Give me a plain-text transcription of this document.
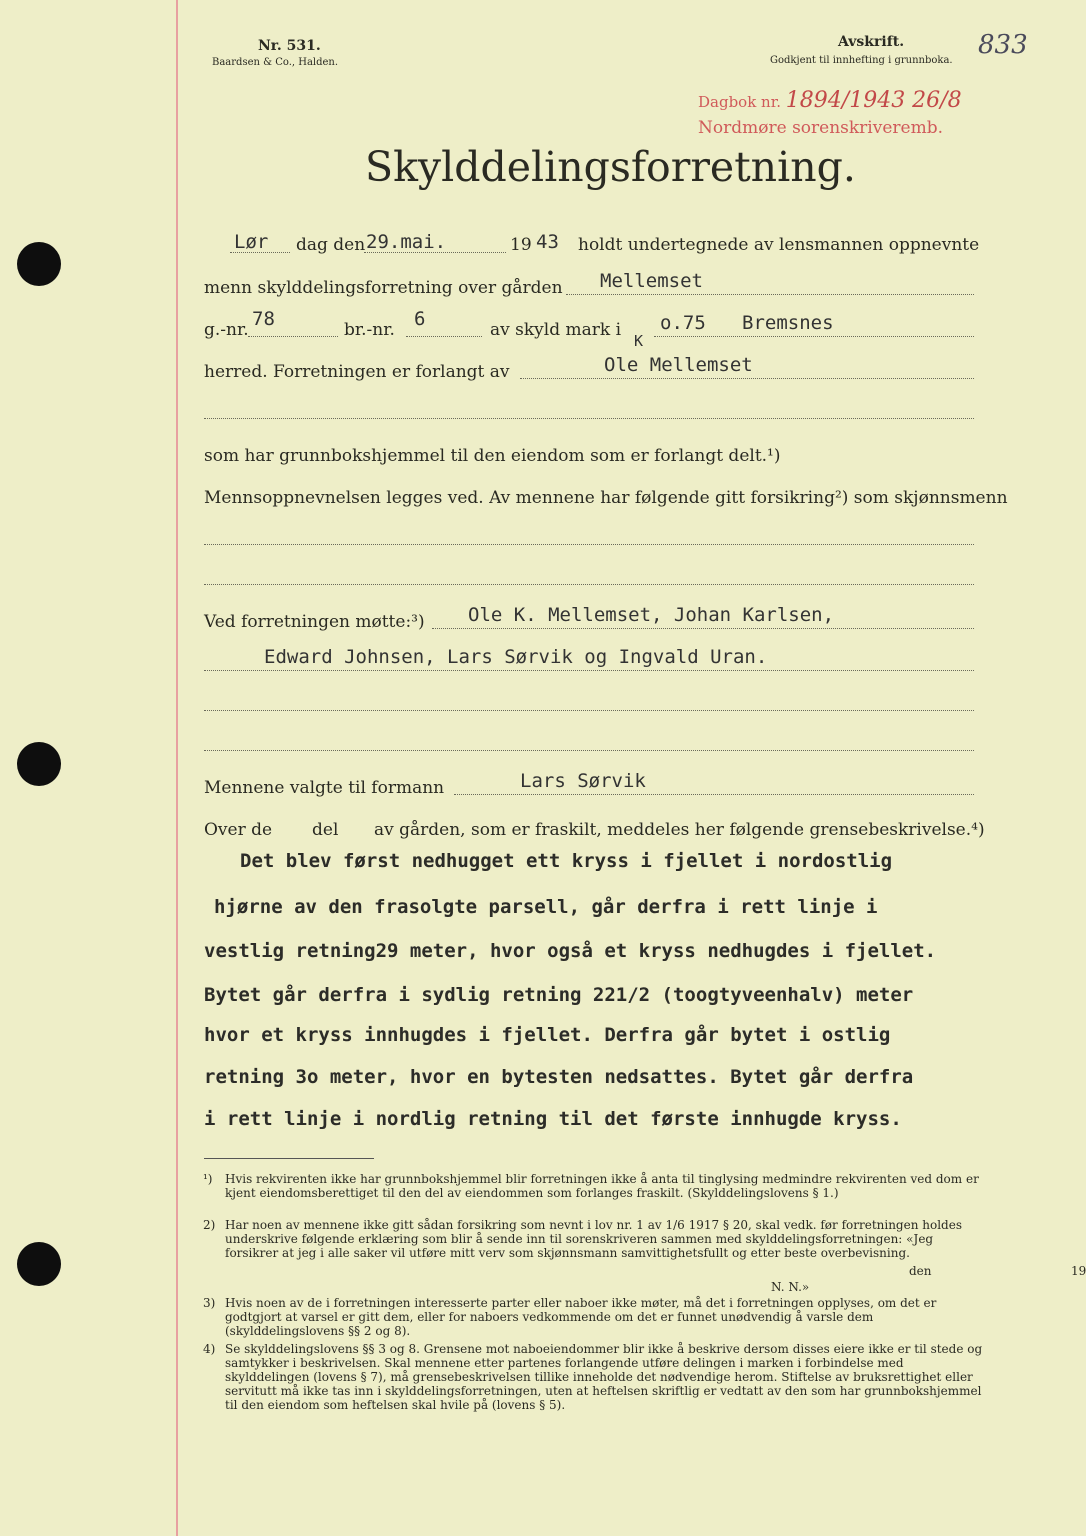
Nr. 531.
Baardsen & Co., Halden.
Avskrift.
Godkjent til innhefting i grunnboka.
833
Dagbok nr. 1894/1943 26/8
Nordmøre sorenskriveremb.
Skylddelingsforretning.
Lør dag den 29.mai.	19 43 holdt undertegnede av lensmannen oppnevnte
menn skylddelingsforretning over gården Mellemset
g.-nr. 78	br.-nr. 6	av skyld mark i o.75
K
Bremsnes
herred. Forretningen er forlangt av	Ole Mellemset
som har grunnbokshjemmel til den eiendom som er forlangt delt.¹)
Mennsoppnevnelsen legges ved. Av mennene har følgende gitt forsikring²) som skjønnsmenn
Ved forretningen møtte:³) Ole K. Mellemset, Johan Karlsen,
Edward Johnsen, Lars Sørvik og Ingvald Uran.
Mennene valgte til formann	Lars Sørvik
Over de del av gården, som er fraskilt, meddeles her følgende grensebeskrivelse.⁴)
Det blev først nedhugget ett kryss i fjellet i nordostlig
hjørne av den frasolgte parsell, går derfra i rett linje i
vestlig retning29 meter, hvor også et kryss nedhugdes i fjellet.
Bytet går derfra i sydlig retning 221/2 (toogtyveenhalv) meter
hvor et kryss innhugdes i fjellet. Derfra går bytet i ostlig
retning 3o meter, hvor en bytesten nedsattes. Bytet går derfra
i rett linje i nordlig retning til det første innhugde kryss.
¹) Hvis rekvirenten ikke har grunnbokshjemmel blir forretningen ikke å anta til tinglysing medmindre rekvirenten ved dom er kjent eiendomsberettiget til den del av eiendommen som forlanges fraskilt. (Skylddelingslovens § 1.)
2) Har noen av mennene ikke gitt sådan forsikring som nevnt i lov nr. 1 av 1/6 1917 § 20, skal vedk. før forretningen holdes underskrive følgende erklæring som blir å sende inn til sorenskriveren sammen med skylddelingsforretningen: «Jeg forsikrer at jeg i alle saker vil utføre mitt verv som skjønnsmann samvittighetsfullt og etter beste overbevisning.
den	19
N. N.»
3) Hvis noen av de i forretningen interesserte parter eller naboer ikke møter, må det i forretningen opplyses, om det er godtgjort at varsel er gitt dem, eller for naboers vedkommende om det er funnet unødvendig å varsle dem (skylddelingslovens §§ 2 og 8).
4) Se skylddelingslovens §§ 3 og 8. Grensene mot naboeiendommer blir ikke å beskrive dersom disses eiere ikke er til stede og samtykker i beskrivelsen. Skal mennene etter partenes forlangende utføre delingen i marken i forbindelse med skylddelingen (lovens § 7), må grensebeskrivelsen tillike inneholde det nødvendige herom. Stiftelse av bruksrettighet eller servitutt må ikke tas inn i skylddelingsforretningen, uten at heftelsen skriftlig er vedtatt av den som har grunnbokshjemmel til den eiendom som heftelsen skal hvile på (lovens § 5).
